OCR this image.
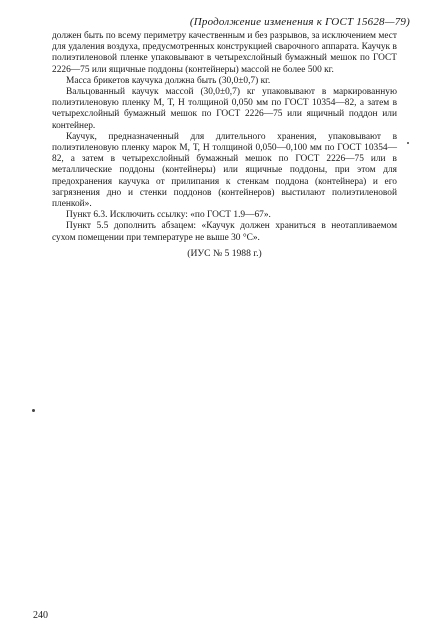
(Продолжение изменения к ГОСТ 15628—79)

должен быть по всему периметру качественным и без разрывов, за исключением мест для удаления воздуха, предусмотренных конструкцией сварочного аппарата. Каучук в полиэтиленовой пленке упаковывают в четырехслойный бумажный мешок по ГОСТ 2226—75 или ящичные поддоны (контейнеры) массой не более 500 кг.

Масса брикетов каучука должна быть (30,0±0,7) кг.

Вальцованный каучук массой (30,0±0,7) кг упаковывают в маркированную полиэтиленовую пленку М, Т, Н толщиной 0,050 мм по ГОСТ 10354—82, а затем в четырехслойный бумажный мешок по ГОСТ 2226—75 или ящичный поддон или контейнер.

Каучук, предназначенный для длительного хранения, упаковывают в полиэтиленовую пленку марок М, Т, Н толщиной 0,050—0,100 мм по ГОСТ 10354—82, а затем в четырехслойный бумажный мешок по ГОСТ 2226—75 или в металлические поддоны (контейнеры) или ящичные поддоны, при этом для предохранения каучука от прилипания к стенкам поддона (контейнера) и его загрязнения дно и стенки поддонов (контейнеров) выстилают полиэтиленовой пленкой».

Пункт 6.3. Исключить ссылку: «по ГОСТ 1.9—67».

Пункт 5.5 дополнить абзацем: «Каучук должен храниться в неотапливаемом сухом помещении при температуре не выше 30 °С».

(ИУС № 5 1988 г.)

240
